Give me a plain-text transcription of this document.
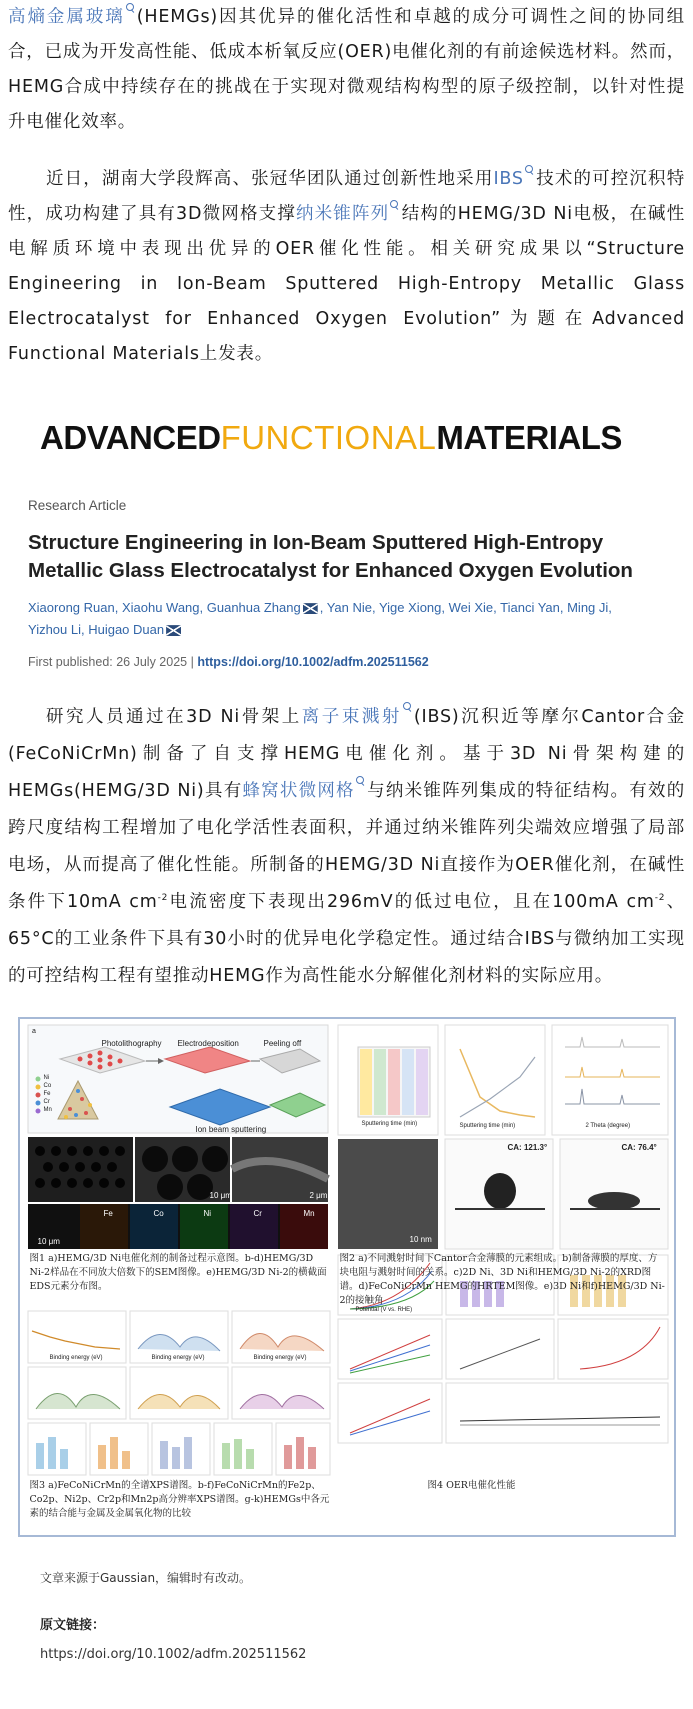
高熵金属玻璃 (HEMGs)因其优异的催化活性和卓越的成分可调性之间的协同组合，已成为开发高性能、低成本析氧反应(OER)电催化剂的有前途候选材料。然而，HEMG合成中持续存在的挑战在于实现对微观结构构型的原子级控制，以针对性提升电催化效率。

近日，湖南大学段辉高、张冠华团队通过创新性地采用IBS 技术的可控沉积特性，成功构建了具有3D微网格支撑纳米锥阵列 结构的HEMG/3D Ni电极，在碱性电解质环境中表现出优异的OER催化性能。相关研究成果以“Structure Engineering in Ion-Beam Sputtered High-Entropy Metallic Glass Electrocatalyst for Enhanced Oxygen Evolution”为题在Advanced Functional Materials上发表。

ADVANCEDFUNCTIONALMATERIALS
Research Article
Structure Engineering in Ion-Beam Sputtered High-Entropy Metallic Glass Electrocatalyst for Enhanced Oxygen Evolution
Xiaorong Ruan, Xiaohu Wang, Guanhua Zhang , Yan Nie, Yige Xiong, Wei Xie, Tianci Yan, Ming Ji, Yizhou Li, Huigao Duan
First published: 26 July 2025 | https://doi.org/10.1002/adfm.202511562

研究人员通过在3D Ni骨架上离子束溅射 (IBS)沉积近等摩尔Cantor合金(FeCoNiCrMn)制备了自支撑HEMG电催化剂。基于3D Ni骨架构建的HEMGs(HEMG/3D Ni)具有蜂窝状微网格 与纳米锥阵列集成的特征结构。有效的跨尺度结构工程增加了电化学活性表面积，并通过纳米锥阵列尖端效应增强了局部电场，从而提高了催化性能。所制备的HEMG/3D Ni直接作为OER催化剂，在碱性条件下10mA $cm^{-2}$电流密度下表现出296mV的低过电位，且在100mA $cm^{-2}$、65°C的工业条件下具有30小时的优异电化学稳定性。通过结合IBS与微纳加工实现的可控结构工程有望推动HEMG作为高性能水分解催化剂材料的实际应用。

a
Photolithography Electrodeposition	Peeling off
Ion beam sputtering
Ni
Co
Fe
Cr
Mn
10 μm	2 μm
10 μm
Fe	Co	Ni	Cr	Mn
Sputtering time (min)	Sputtering time (min)	2 Theta (degree)
10 nm
CA: 121.3°	CA: 76.4°
图1 a)HEMG/3D Ni电催化剂的制备过程示意图。b-d)HEMG/3D Ni-2样品在不同放大倍数下的SEM图像。e)HEMG/3D Ni-2的横截面EDS元素分布图。
图2 a)不同溅射时间下Cantor合金薄膜的元素组成。b)制备薄膜的厚度、方块电阻与溅射时间的关系。c)2D Ni、3D Ni和HEMG/3D Ni-2的XRD图谱。d)FeCoNiCrMn HEMG的HRTEM图像。e)3D Ni和f)HEMG/3D Ni-2的接触角
Binding energy (eV)	Binding energy (eV)	Binding energy (eV)
Potential (V vs. RHE)
图3 a)FeCoNiCrMn的全谱XPS谱图。b-f)FeCoNiCrMn的Fe2p、Co2p、Ni2p、Cr2p和Mn2p高分辨率XPS谱图。g-k)HEMGs中各元素的结合能与金属及金属氧化物的比较
图4 OER电催化性能

文章来源于Gaussian，编辑时有改动。

原文链接：

https://doi.org/10.1002/adfm.202511562
